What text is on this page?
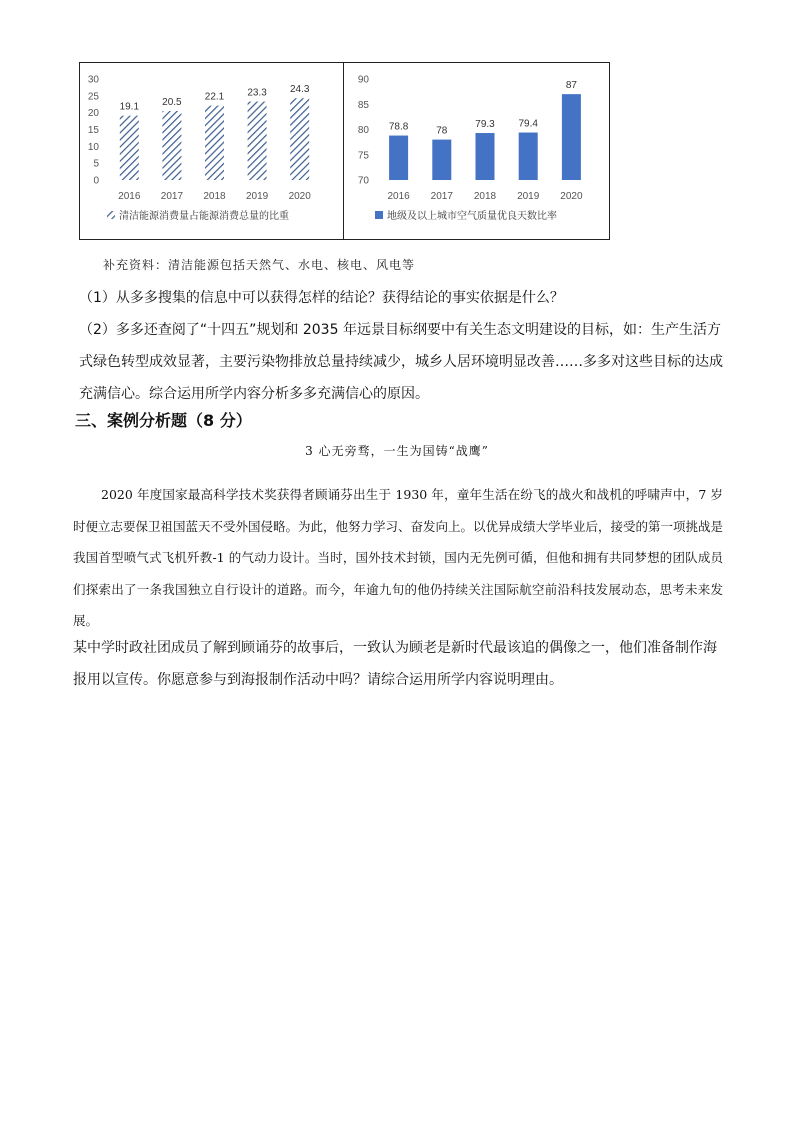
0
5
10
15
20
25
30
19.1
2016
20.5
2017
22.1
2018
23.3
2019
24.3
2020
清洁能源消费量占能源消费总量的比重
70
75
80
85
90
78.8
2016
78
2017
79.3
2018
79.4
2019
87
2020
地级及以上城市空气质量优良天数比率
补充资料：清洁能源包括天然气、水电、核电、风电等
（1）从多多搜集的信息中可以获得怎样的结论？获得结论的事实依据是什么？
（2）多多还查阅了“十四五”规划和 2035 年远景目标纲要中有关生态文明建设的目标，如：生产生活方式绿色转型成效显著，主要污染物排放总量持续减少，城乡人居环境明显改善……多多对这些目标的达成充满信心。综合运用所学内容分析多多充满信心的原因。
三、案例分析题（8 分）
3 心无旁骛，一生为国铸“战鹰”
2020 年度国家最高科学技术奖获得者顾诵芬出生于 1930 年，童年生活在纷飞的战火和战机的呼啸声中，7 岁时便立志要保卫祖国蓝天不受外国侵略。为此，他努力学习、奋发向上。以优异成绩大学毕业后，接受的第一项挑战是我国首型喷气式飞机歼教-1 的气动力设计。当时，国外技术封锁，国内无先例可循，但他和拥有共同梦想的团队成员们探索出了一条我国独立自行设计的道路。而今，年逾九旬的他仍持续关注国际航空前沿科技发展动态，思考未来发展。
某中学时政社团成员了解到顾诵芬的故事后，一致认为顾老是新时代最该追的偶像之一，他们准备制作海报用以宣传。你愿意参与到海报制作活动中吗？请综合运用所学内容说明理由。
